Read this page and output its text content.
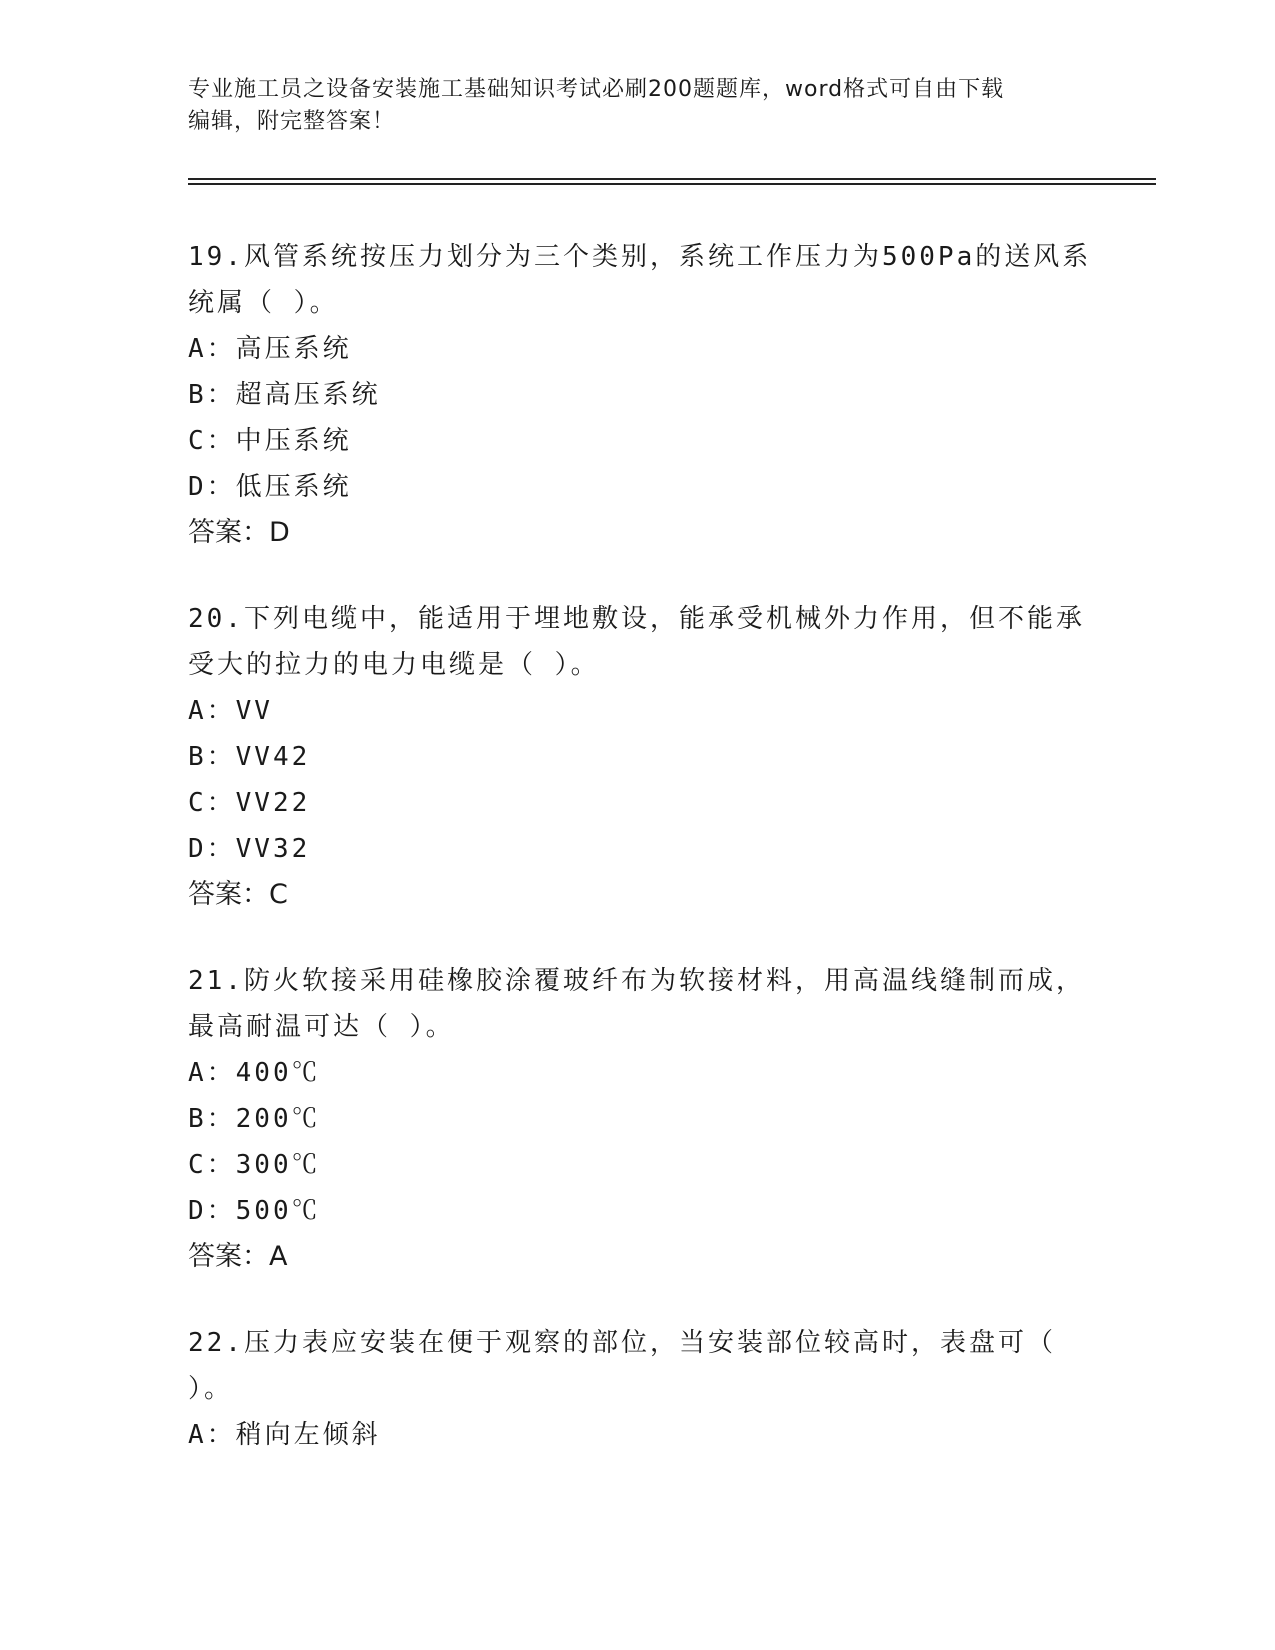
专业施工员之设备安装施工基础知识考试必刷200题题库，word格式可自由下载
编辑，附完整答案！
19.风管系统按压力划分为三个类别，系统工作压力为500Pa的送风系
统属（ ）。
A：高压系统
B：超高压系统
C：中压系统
D：低压系统
答案：D
20.下列电缆中，能适用于埋地敷设，能承受机械外力作用，但不能承
受大的拉力的电力电缆是（ ）。
A：VV
B：VV42
C：VV22
D：VV32
答案：C
21.防火软接采用硅橡胶涂覆玻纤布为软接材料，用高温线缝制而成，
最高耐温可达（ ）。
A：400℃
B：200℃
C：300℃
D：500℃
答案：A
22.压力表应安装在便于观察的部位，当安装部位较高时，表盘可（
）。
A：稍向左倾斜
